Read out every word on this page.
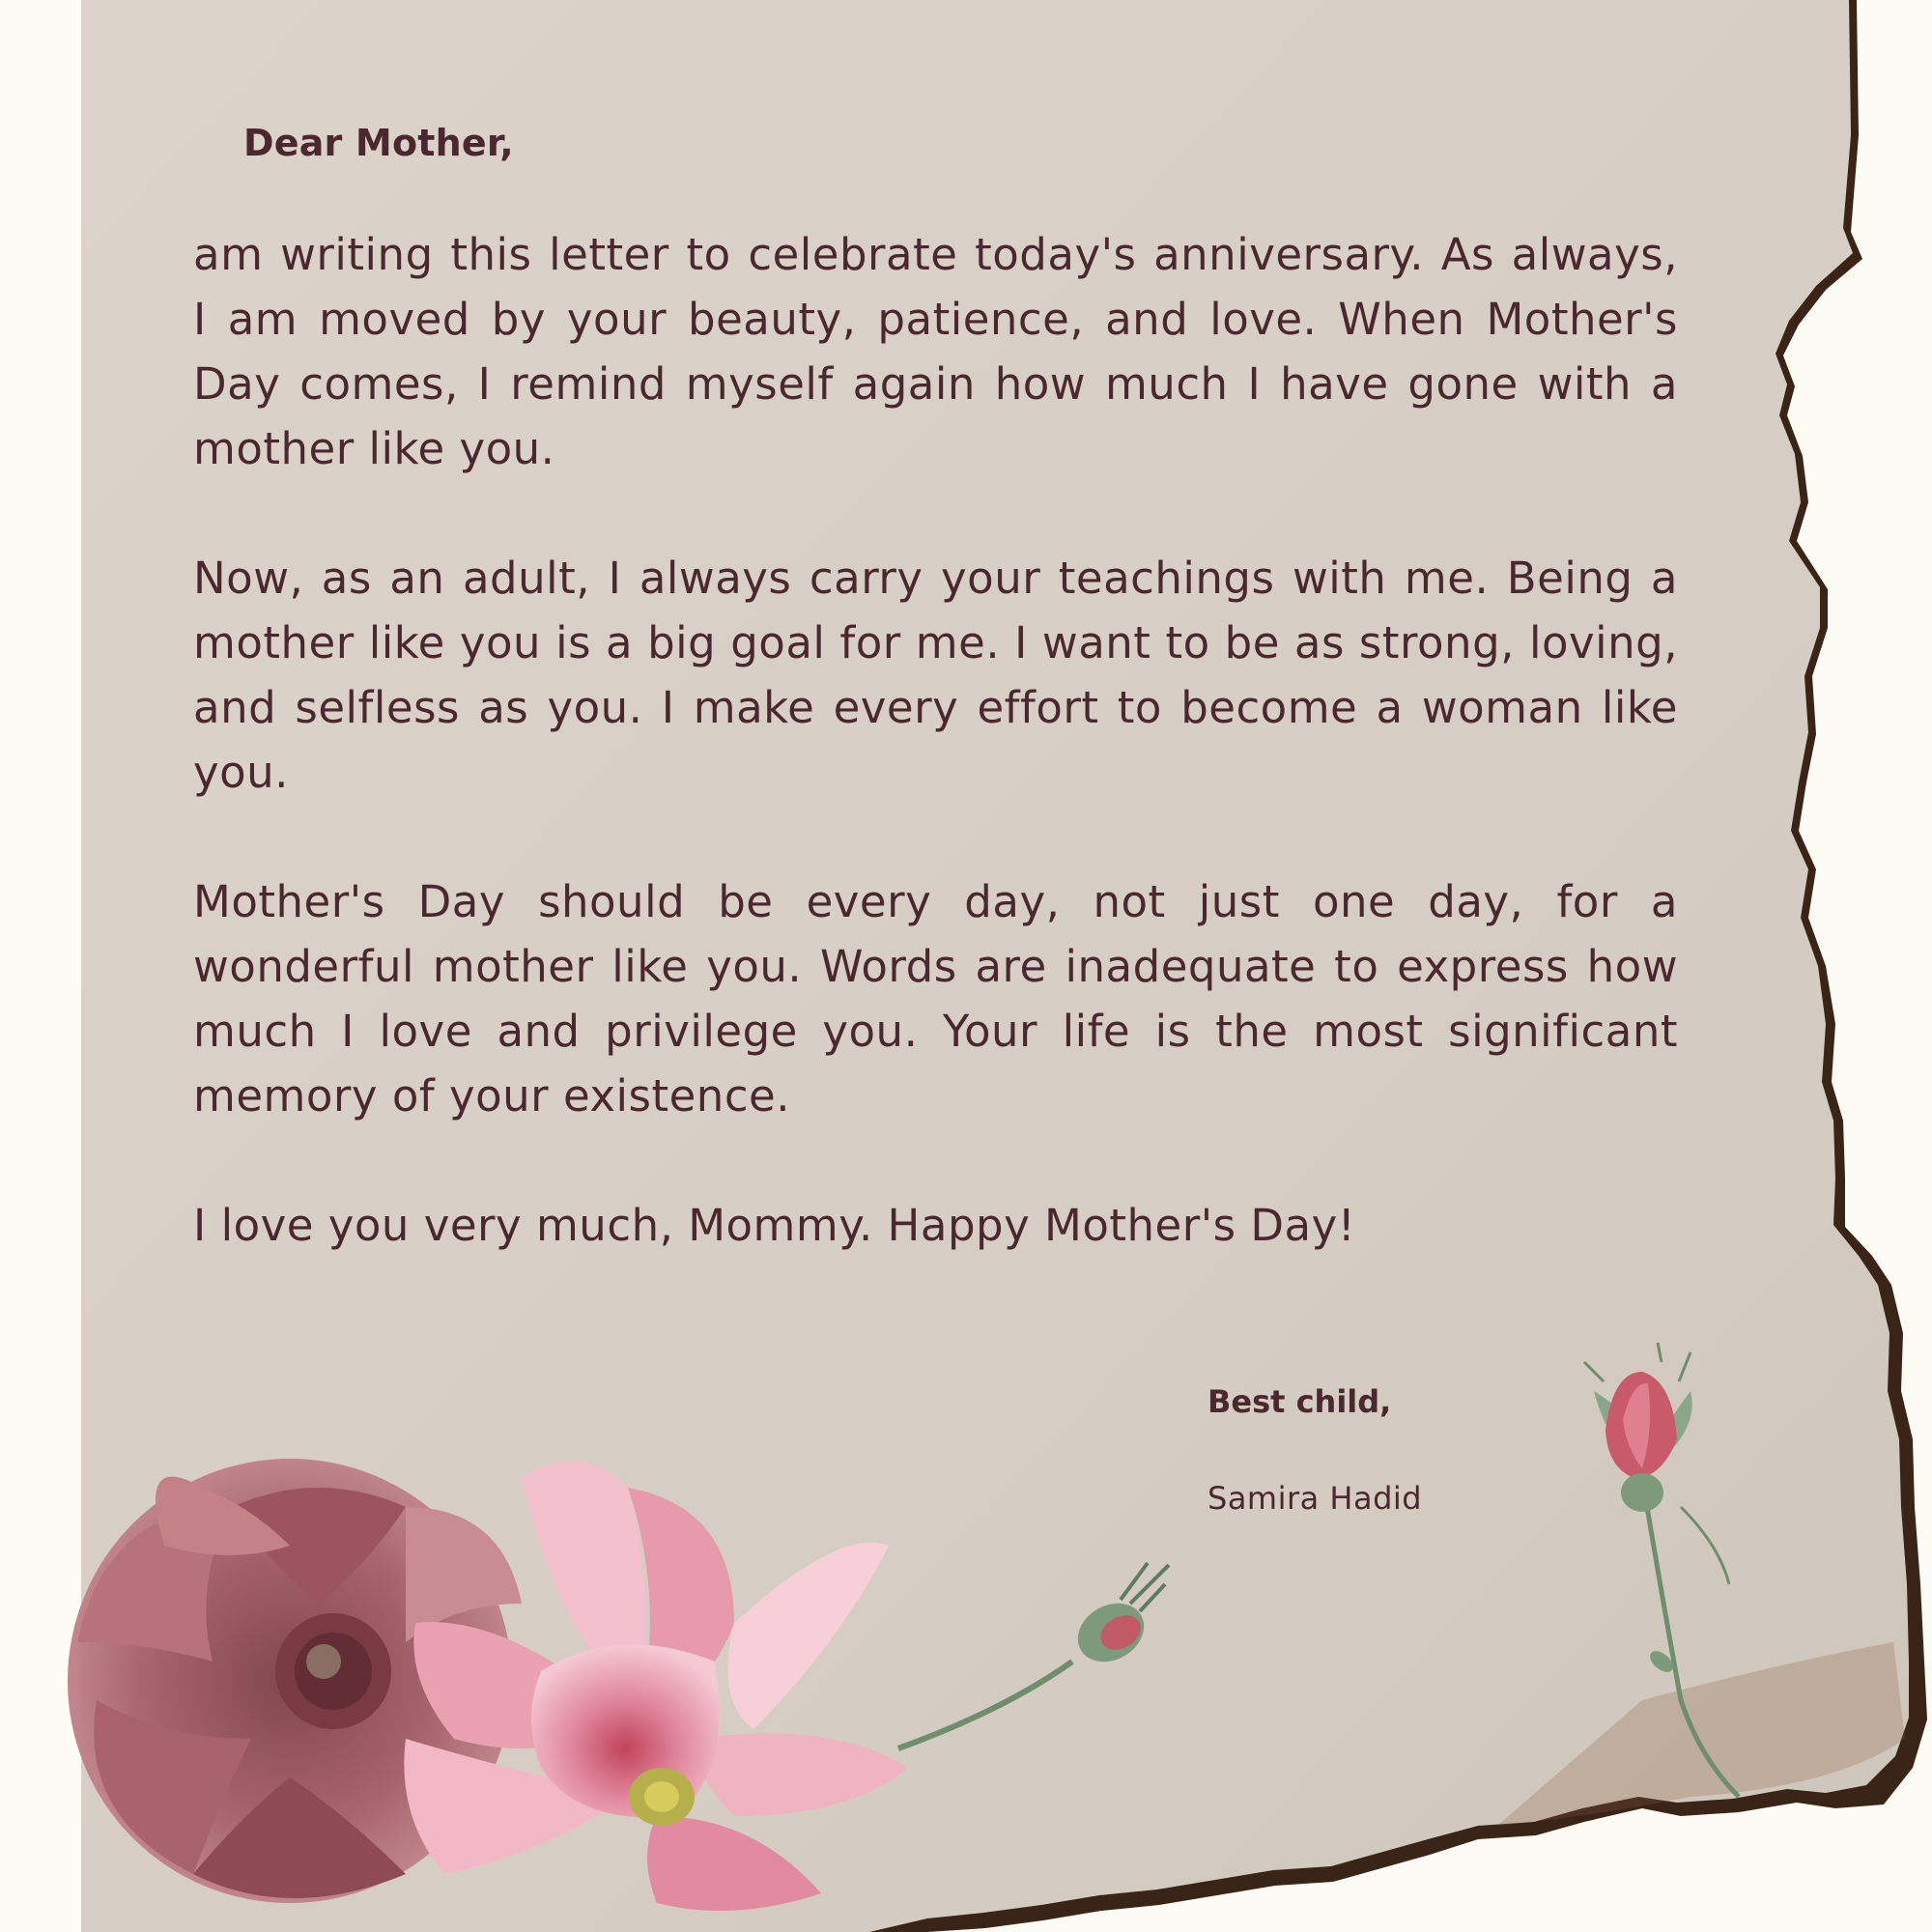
Dear Mother,

am writing this letter to celebrate today's anniversary. As always, I am moved by your beauty, patience, and love. When Mother's Day comes, I remind myself again how much I have gone with a mother like you.

Now, as an adult, I always carry your teachings with me. Being a mother like you is a big goal for me. I want to be as strong, loving, and selfless as you. I make every effort to become a woman like you.

Mother's Day should be every day, not just one day, for a wonderful mother like you. Words are inadequate to express how much I love and privilege you. Your life is the most significant memory of your existence.

I love you very much, Mommy. Happy Mother's Day!

Best child,
Samira Hadid
